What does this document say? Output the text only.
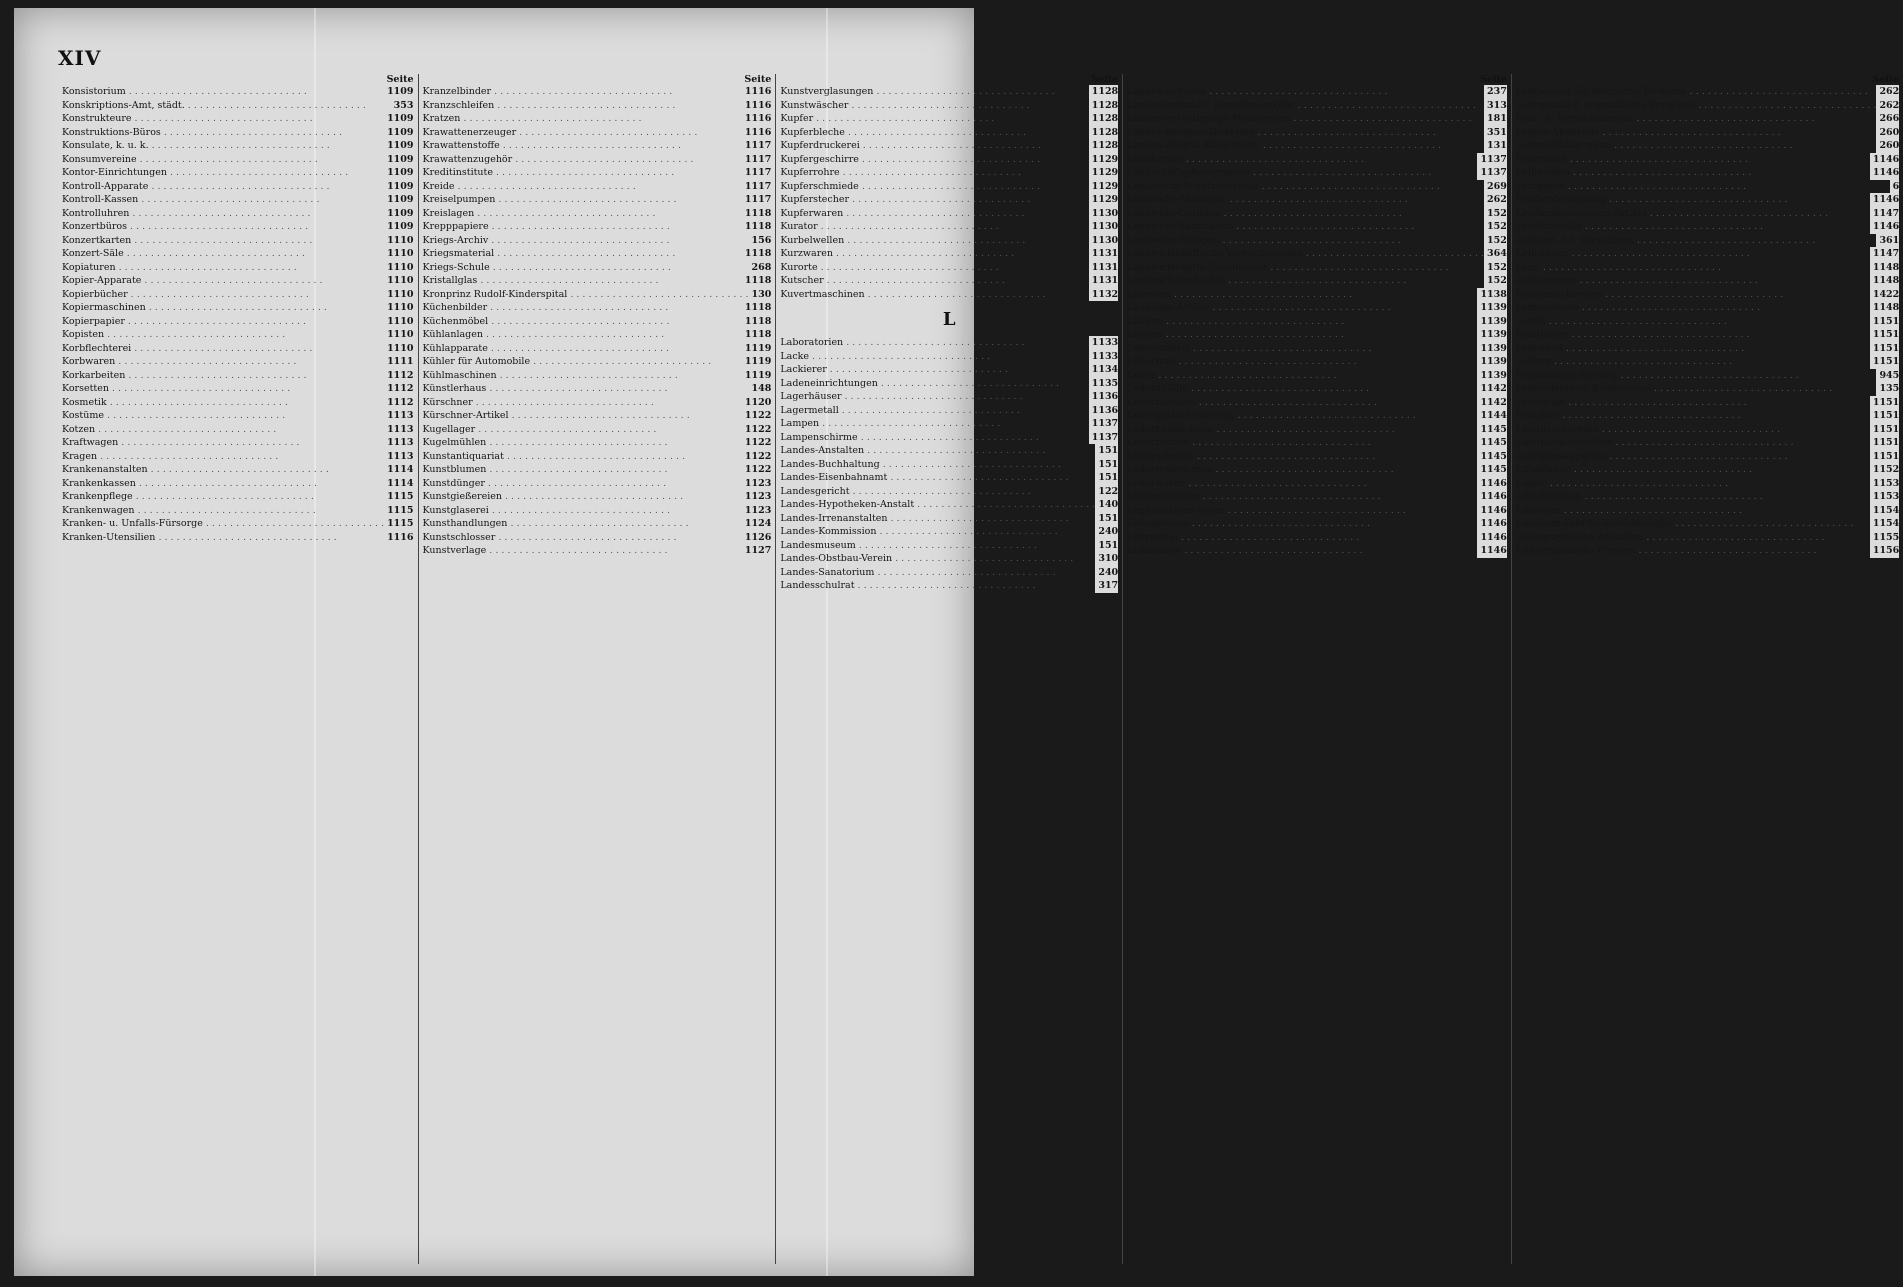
XIV
Seite
Konsistorium . . .	1109
Konskriptions-Amt, städt. . . .	353
Konstrukteure . . .	1109
Konstruktions-Büros . . .	1109
Konsulate, k. u. k. . . .	1109
Konsumvereine . . .	1109
Kontor-Einrichtungen . . .	1109
Kontroll-Apparate . . .	1109
Kontroll-Kassen . . .	1109
Kontrolluhren . . .	1109
Konzertbüros . . .	1109
Konzertkarten . . .	1110
Konzert-Säle . . .	1110
Kopiaturen . . .	1110
Kopier-Apparate . . .	1110
Kopierbücher . . .	1110
Kopiermaschinen . . .	1110
Kopierpapier . . .	1110
Kopisten . . .	1110
Korbflechterei . . .	1110
Korbwaren . . .	1111
Korkarbeiten . . .	1112
Korsetten . . .	1112
Kosmetik . . .	1112
Kostüme . . .	1113
Kotzen . . .	1113
Kraftwagen . . .	1113
Kragen . . .	1113
Krankenanstalten . . .	1114
Krankenkassen . . .	1114
Krankenpflege . . .	1115
Krankenwagen . . .	1115
Kranken- u. Unfalls-Fürsorge . . .	1115
Kranken-Utensilien . . .	1116
Seite
Kranzelbinder . . .	1116
Kranzschleifen . . .	1116
Kratzen . . .	1116
Krawattenerzeuger . . .	1116
Krawattenstoffe . . .	1117
Krawattenzugehör . . .	1117
Kreditinstitute . . .	1117
Kreide . . .	1117
Kreiselpumpen . . .	1117
Kreislagen . . .	1118
Krepppapiere . . .	1118
Kriegs-Archiv . . .	156
Kriegsmaterial . . .	1118
Kriegs-Schule . . .	268
Kristallglas . . .	1118
Kronprinz Rudolf-Kinderspital . . .	130
Küchenbilder . . .	1118
Küchenmöbel . . .	1118
Kühlanlagen . . .	1118
Kühlapparate . . .	1119
Kühler für Automobile . . .	1119
Kühlmaschinen . . .	1119
Künstlerhaus . . .	148
Kürschner . . .	1120
Kürschner-Artikel . . .	1122
Kugellager . . .	1122
Kugelmühlen . . .	1122
Kunstantiquariat . . .	1122
Kunstblumen . . .	1122
Kunstdünger . . .	1123
Kunstgießereien . . .	1123
Kunstglaserei . . .	1123
Kunsthandlungen . . .	1124
Kunstschlosser . . .	1126
Kunstverlage . . .	1127
Seite
Kunstverglasungen . . .	1128
Kunstwäscher . . .	1128
Kupfer . . .	1128
Kupferbleche . . .	1128
Kupferdruckerei . . .	1128
Kupfergeschirre . . .	1129
Kupferrohre . . .	1129
Kupferschmiede . . .	1129
Kupferstecher . . .	1129
Kupferwaren . . .	1130
Kurator . . .	1130
Kurbelwellen . . .	1130
Kurzwaren . . .	1131
Kurorte . . .	1131
Kutscher . . .	1131
Kuvertmaschinen . . .	1132
L
Laboratorien . . .	1133
Lacke . . .	1133
Lackierer . . .	1134
Ladeneinrichtungen . . .	1135
Lagerhäuser . . .	1136
Lagermetall . . .	1136
Lampen . . .	1137
Lampenschirme . . .	1137
Landes-Anstalten . . .	151
Landes-Buchhaltung . . .	151
Landes-Eisenbahnamt . . .	151
Landesgericht . . .	122
Landes-Hypotheken-Anstalt . . .	140
Landes-Irrenanstalten . . .	151
Landes-Kommission . . .	240
Landesmuseum . . .	151
Landes-Obstbau-Verein . . .	310
Landes-Sanatorium . . .	240
Landesschulrat . . .	317
Seite
Landes-Schulrat . . .	237
Landesverband f. Fremdenverkehr . . .	313
Landesverteidigungs-Ministerium . . .	181
Landes-Weinbau-Direktion . . .	351
Landes-Zentral-Kinderheim . . .	131
Landkarten . . .	1137
Landschaftsphotographie . . .	1137
Landsturm-Schützenschule . . .	269
Landwehr-Akademie . . .	262
Landwehr-Gerichte . . .	152
Landwehr-Kommando . . .	152
Landwehr-Truppen . . .	152
Landwirtschaftliche Versuchsstation . . .	364
Landwirtschafts-Gesellschaft . . .	152
Landwirtschafts-Rat . . .	152
Laternen . . .	1138
Laubsäge-Artikel . . .	1139
Laugen . . .	1139
Lavoirs . . .	1139
Lebensmittel . . .	1139
Lebertran . . .	1139
Leder . . .	1139
Lederabfälle . . .	1142
Lederfabriken . . .	1142
Ledergalanteriewaren . . .	1144
Lederhandschuhe . . .	1145
Lederriemen . . .	1145
Lederschnitte . . .	1145
Ledertreibriemen . . .	1145
Lederwaren . . .	1146
Lederzurichter . . .	1146
Legitimations-Büros . . .	1146
Lehmgruben . . .	1146
Lehrmittel . . .	1146
Leibbinden . . .	1146
Seite
Lehranstalt für kirchliche Tonkunst . . .	262
Lehranstalt f. orientalische Sprachen . . .	262
Lehr- u. Versuchsanstalt . . .	266
Lehrer-Akademie . . .	260
Lehrer-Pädagogium . . .	260
Lehrmittel . . .	1146
Leibbinden . . .	1146
Leibgarde . . .	6
Leichenbestattung . . .	1146
Leichenbestattungs-Artikel . . .	1147
Leichtmetalle . . .	1146
Leihamt, f. f. Versatzamt . . .	361
Leihwagen . . .	1147
Leim . . .	1148
Leinengarne . . .	1148
Leinenstickereien . . .	1422
Leinenwaren . . .	1148
Leinöl . . .	1151
Leintücher . . .	1151
Leinwand . . .	1151
Leitern . . .	1151
Leopoldinen-Stiftung . . .	945
Leopoldstädter Kinderspital . . .	135
Lesezirkel . . .	1151
Leuchter . . .	1151
Lichtdruckereien . . .	1151
Lichtpaus-Anstalten . . .	1151
Lichtpausapparate . . .	1151
Liftanlagen . . .	1152
Liköre . . .	1153
Likörfabriken . . .	1153
Linoleum . . .	1154
Linoleum-Fabriks-Einrichtungen . . .	1154
Lithographische Anstalten . . .	1155
Lithographische Pressen . . .	1156
